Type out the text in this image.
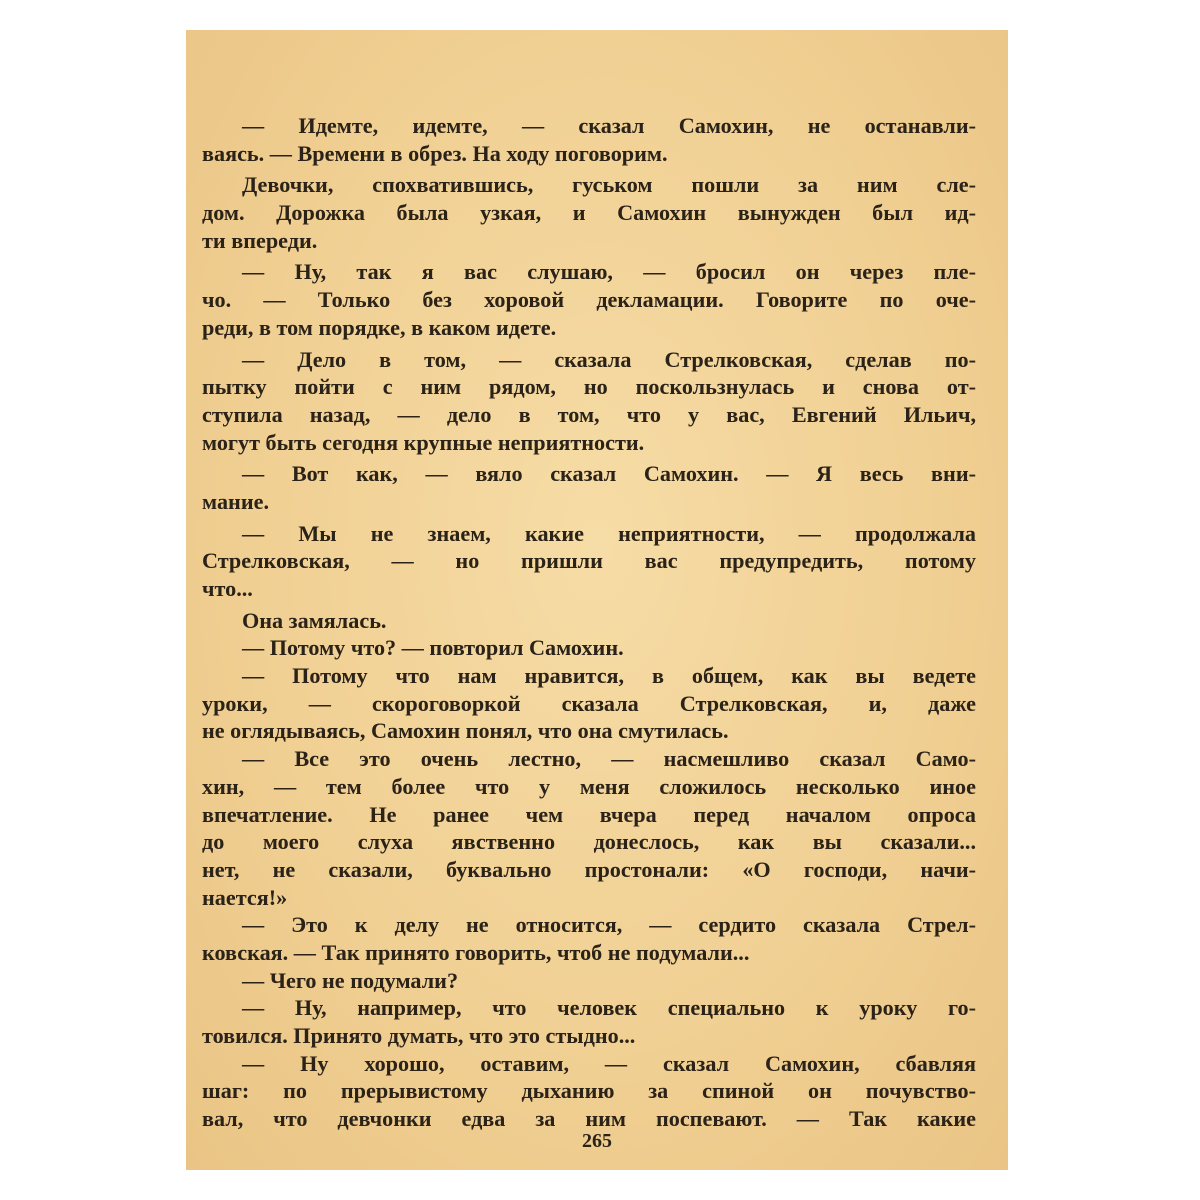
— Идемте, идемте, — сказал Самохин, не останавли-
ваясь. — Времени в обрез. На ходу поговорим.
Девочки, спохватившись, гуськом пошли за ним сле-
дом. Дорожка была узкая, и Самохин вынужден был ид-
ти впереди.
— Ну, так я вас слушаю, — бросил он через пле-
чо. — Только без хоровой декламации. Говорите по оче-
реди, в том порядке, в каком идете.
— Дело в том, — сказала Стрелковская, сделав по-
пытку пойти с ним рядом, но поскользнулась и снова от-
ступила назад, — дело в том, что у вас, Евгений Ильич,
могут быть сегодня крупные неприятности.
— Вот как, — вяло сказал Самохин. — Я весь вни-
мание.
— Мы не знаем, какие неприятности, — продолжала
Стрелковская, — но пришли вас предупредить, потому
что...
Она замялась.
— Потому что? — повторил Самохин.
— Потому что нам нравится, в общем, как вы ведете
уроки, — скороговоркой сказала Стрелковская, и, даже
не оглядываясь, Самохин понял, что она смутилась.
— Все это очень лестно, — насмешливо сказал Само-
хин, — тем более что у меня сложилось несколько иное
впечатление. Не ранее чем вчера перед началом опроса
до моего слуха явственно донеслось, как вы сказали...
нет, не сказали, буквально простонали: «О господи, начи-
нается!»
— Это к делу не относится, — сердито сказала Стрел-
ковская. — Так принято говорить, чтоб не подумали...
— Чего не подумали?
— Ну, например, что человек специально к уроку го-
товился. Принято думать, что это стыдно...
— Ну хорошо, оставим, — сказал Самохин, сбавляя
шаг: по прерывистому дыханию за спиной он почувство-
вал, что девчонки едва за ним поспевают. — Так какие
265
